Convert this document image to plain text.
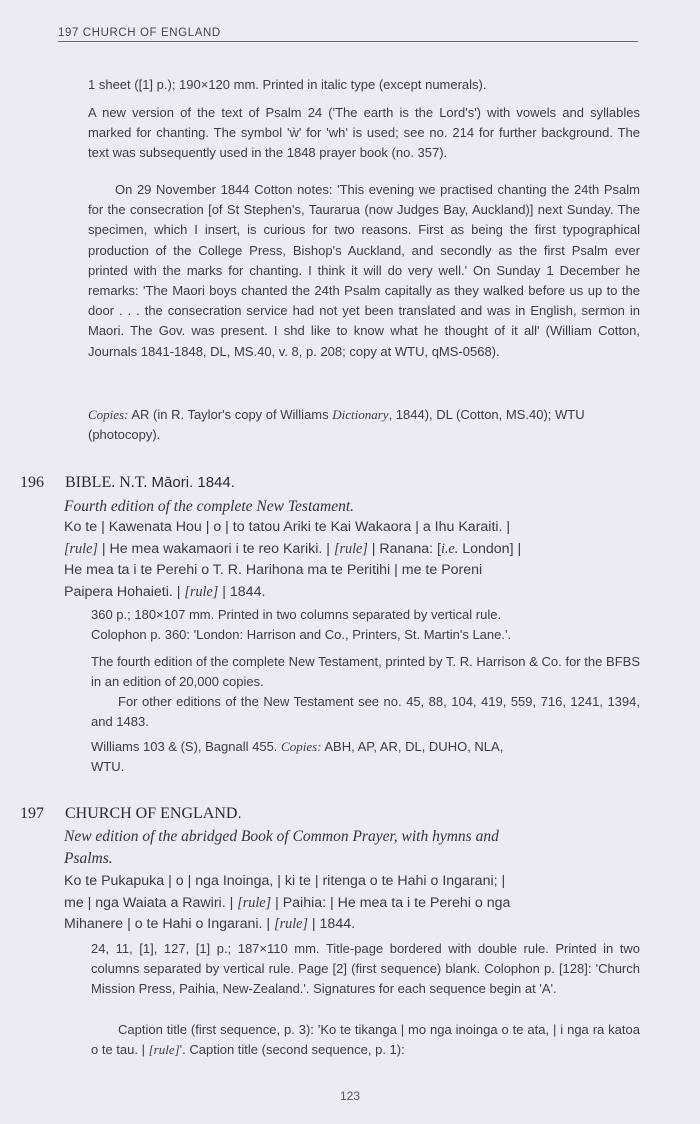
197 CHURCH OF ENGLAND

1 sheet ([1] p.); 190×120 mm. Printed in italic type (except numerals).

A new version of the text of Psalm 24 ('The earth is the Lord's') with vowels and syllables marked for chanting. The symbol 'ẁ' for 'wh' is used; see no. 214 for further background. The text was subsequently used in the 1848 prayer book (no. 357).

On 29 November 1844 Cotton notes: 'This evening we practised chanting the 24th Psalm for the consecration [of St Stephen's, Taurarua (now Judges Bay, Auckland)] next Sunday. The specimen, which I insert, is curious for two reasons. First as being the first typographical production of the College Press, Bishop's Auckland, and secondly as the first Psalm ever printed with the marks for chanting. I think it will do very well.' On Sunday 1 December he remarks: 'The Maori boys chanted the 24th Psalm capitally as they walked before us up to the door . . . the consecration service had not yet been translated and was in English, sermon in Maori. The Gov. was present. I shd like to know what he thought of it all' (William Cotton, Journals 1841-1848, DL, MS.40, v. 8, p. 208; copy at WTU, qMS-0568).

Copies: AR (in R. Taylor's copy of Williams Dictionary, 1844), DL (Cotton, MS.40); WTU (photocopy).

196 BIBLE. N.T. Māori. 1844.
Fourth edition of the complete New Testament.
Ko te | Kawenata Hou | o | to tatou Ariki te Kai Wakaora | a Ihu Karaiti. |
[rule] | He mea wakamaori i te reo Kariki. | [rule] | Ranana: [i.e. London] |
He mea ta i te Perehi o T. R. Harihona ma te Peritihi | me te Poreni
Paipera Hohaieti. | [rule] | 1844.

360 p.; 180×107 mm. Printed in two columns separated by vertical rule.
Colophon p. 360: 'London: Harrison and Co., Printers, St. Martin's Lane.'.

The fourth edition of the complete New Testament, printed by T. R. Harrison & Co. for the BFBS in an edition of 20,000 copies.

For other editions of the New Testament see no. 45, 88, 104, 419, 559, 716, 1241, 1394, and 1483.

Williams 103 & (S), Bagnall 455. Copies: ABH, AP, AR, DL, DUHO, NLA,
WTU.

197 CHURCH OF ENGLAND.
New edition of the abridged Book of Common Prayer, with hymns and
Psalms.
Ko te Pukapuka | o | nga Inoinga, | ki te | ritenga o te Hahi o Ingarani; |
me | nga Waiata a Rawiri. | [rule] | Paihia: | He mea ta i te Perehi o nga
Mihanere | o te Hahi o Ingarani. | [rule] | 1844.

24, 11, [1], 127, [1] p.; 187×110 mm. Title-page bordered with double rule. Printed in two columns separated by vertical rule. Page [2] (first sequence) blank. Colophon p. [128]: 'Church Mission Press, Paihia, New-Zealand.'. Signatures for each sequence begin at 'A'.

Caption title (first sequence, p. 3): 'Ko te tikanga | mo nga inoinga o te ata, | i nga ra katoa o te tau. | [rule]'. Caption title (second sequence, p. 1):

123
